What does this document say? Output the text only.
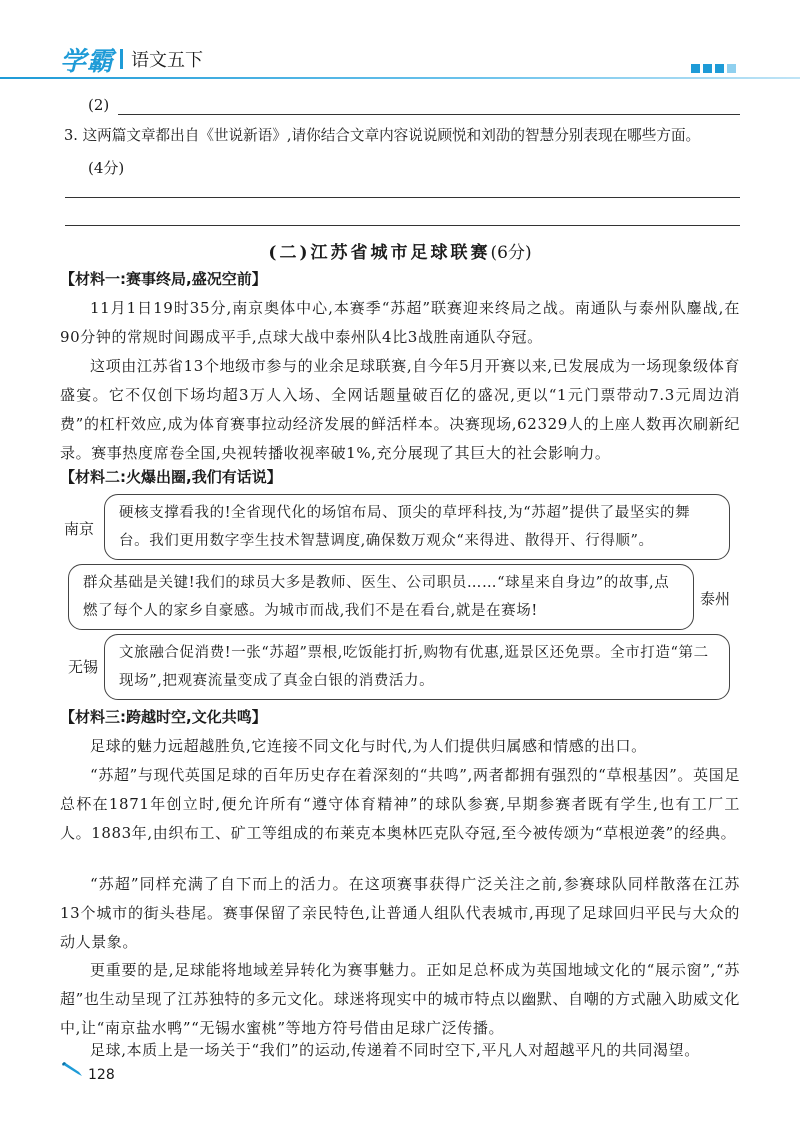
学霸 语文五下
(2)
3. 这两篇文章都出自《世说新语》,请你结合文章内容说说顾悦和刘劭的智慧分别表现在哪些方面。
(4分)
(二)江苏省城市足球联赛(6分)
【材料一:赛事终局,盛况空前】

11月1日19时35分,南京奥体中心,本赛季“苏超”联赛迎来终局之战。南通队与泰州队鏖战,在90分钟的常规时间踢成平手,点球大战中泰州队4比3战胜南通队夺冠。

这项由江苏省13个地级市参与的业余足球联赛,自今年5月开赛以来,已发展成为一场现象级体育盛宴。它不仅创下场均超3万人入场、全网话题量破百亿的盛况,更以“1元门票带动7.3元周边消费”的杠杆效应,成为体育赛事拉动经济发展的鲜活样本。决赛现场,62329人的上座人数再次刷新纪录。赛事热度席卷全国,央视转播收视率破1%,充分展现了其巨大的社会影响力。

【材料二:火爆出圈,我们有话说】
南京
硬核支撑看我的!全省现代化的场馆布局、顶尖的草坪科技,为“苏超”提供了最坚实的舞台。我们更用数字孪生技术智慧调度,确保数万观众“来得进、散得开、行得顺”。
群众基础是关键!我们的球员大多是教师、医生、公司职员……“球星来自身边”的故事,点燃了每个人的家乡自豪感。为城市而战,我们不是在看台,就是在赛场!
泰州
无锡
文旅融合促消费!一张“苏超”票根,吃饭能打折,购物有优惠,逛景区还免票。全市打造“第二现场”,把观赛流量变成了真金白银的消费活力。
【材料三:跨越时空,文化共鸣】

足球的魅力远超越胜负,它连接不同文化与时代,为人们提供归属感和情感的出口。

“苏超”与现代英国足球的百年历史存在着深刻的“共鸣”,两者都拥有强烈的“草根基因”。英国足总杯在1871年创立时,便允许所有“遵守体育精神”的球队参赛,早期参赛者既有学生,也有工厂工人。1883年,由织布工、矿工等组成的布莱克本奥林匹克队夺冠,至今被传颂为“草根逆袭”的经典。

“苏超”同样充满了自下而上的活力。在这项赛事获得广泛关注之前,参赛球队同样散落在江苏13个城市的街头巷尾。赛事保留了亲民特色,让普通人组队代表城市,再现了足球回归平民与大众的动人景象。

更重要的是,足球能将地域差异转化为赛事魅力。正如足总杯成为英国地域文化的“展示窗”,“苏超”也生动呈现了江苏独特的多元文化。球迷将现实中的城市特点以幽默、自嘲的方式融入助威文化中,让“南京盐水鸭”“无锡水蜜桃”等地方符号借由足球广泛传播。

足球,本质上是一场关于“我们”的运动,传递着不同时空下,平凡人对超越平凡的共同渴望。

128
